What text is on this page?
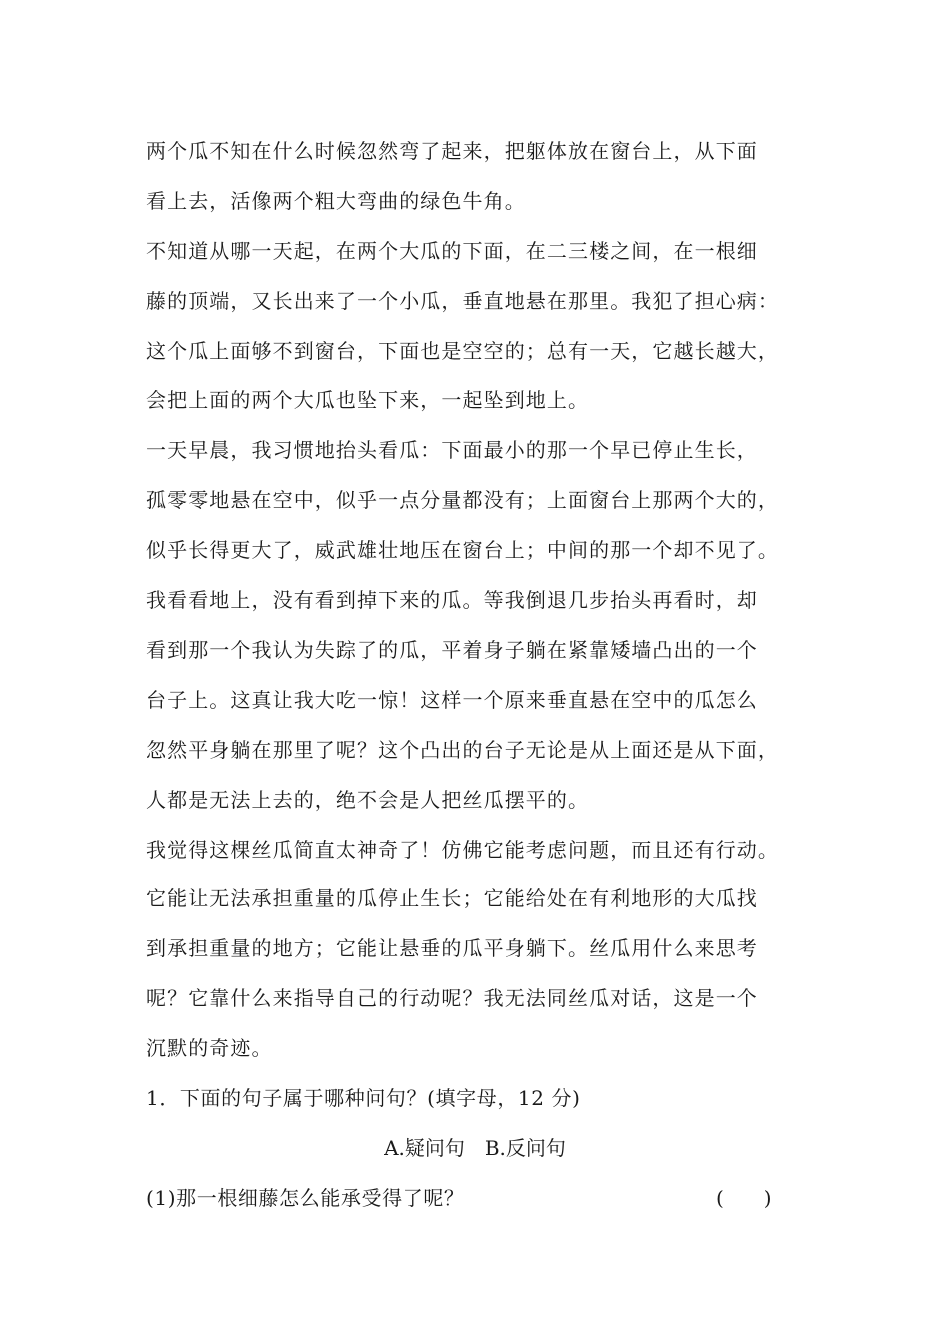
两个瓜不知在什么时候忽然弯了起来，把躯体放在窗台上，从下面
看上去，活像两个粗大弯曲的绿色牛角。
不知道从哪一天起，在两个大瓜的下面，在二三楼之间，在一根细
藤的顶端，又长出来了一个小瓜，垂直地悬在那里。我犯了担心病：
这个瓜上面够不到窗台，下面也是空空的；总有一天，它越长越大，
会把上面的两个大瓜也坠下来，一起坠到地上。
一天早晨，我习惯地抬头看瓜：下面最小的那一个早已停止生长，
孤零零地悬在空中，似乎一点分量都没有；上面窗台上那两个大的，
似乎长得更大了，威武雄壮地压在窗台上；中间的那一个却不见了。
我看看地上，没有看到掉下来的瓜。等我倒退几步抬头再看时，却
看到那一个我认为失踪了的瓜，平着身子躺在紧靠矮墙凸出的一个
台子上。这真让我大吃一惊！这样一个原来垂直悬在空中的瓜怎么
忽然平身躺在那里了呢？这个凸出的台子无论是从上面还是从下面，
人都是无法上去的，绝不会是人把丝瓜摆平的。
我觉得这棵丝瓜简直太神奇了！仿佛它能考虑问题，而且还有行动。
它能让无法承担重量的瓜停止生长；它能给处在有利地形的大瓜找
到承担重量的地方；它能让悬垂的瓜平身躺下。丝瓜用什么来思考
呢？它靠什么来指导自己的行动呢？我无法同丝瓜对话，这是一个
沉默的奇迹。
1．下面的句子属于哪种问句？(填字母，12 分)
A.疑问句　B.反问句
(1)那一根细藤怎么能承受得了呢？	(　　)
